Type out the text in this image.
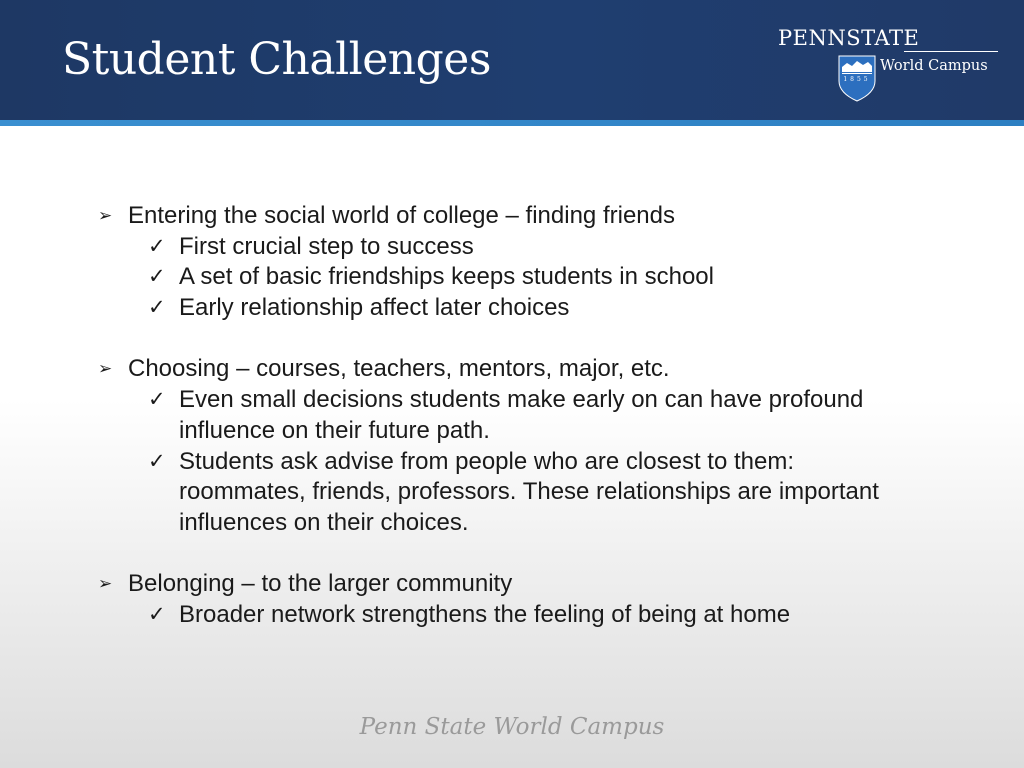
Student Challenges	PENNSTATE
1855
World Campus
➢ Entering the social world of college – finding friends
✓ First crucial step to success
✓ A set of basic friendships keeps students in school
✓ Early relationship affect later choices
➢ Choosing – courses, teachers, mentors, major, etc.
✓ Even small decisions students make early on can have profound
influence on their future path.
✓ Students ask advise from people who are closest to them:
roommates, friends, professors. These relationships are important
influences on their choices.
➢ Belonging – to the larger community
✓ Broader network strengthens the feeling of being at home
Penn State World Campus
